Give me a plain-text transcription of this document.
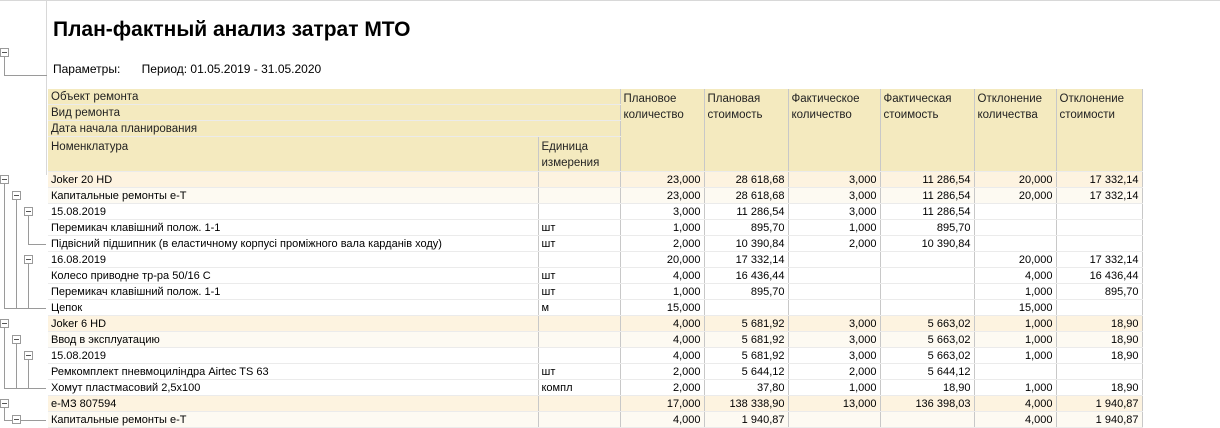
План-фактный анализ затрат МТО
Параметры: Период: 01.05.2019 - 31.05.2020
Объект ремонта		Плановое количество	Плановая стоимость	Фактическое количество	Фактическая стоимость	Отклонение количества	Отклонение стоимости
Вид ремонта							
Дата начала планирования							
Номенклатура	Единица измерения						
Joker 20 HD		23,000	28 618,68	3,000	11 286,54	20,000	17 332,14
Капитальные ремонты е-Т		23,000	28 618,68	3,000	11 286,54	20,000	17 332,14
15.08.2019		3,000	11 286,54	3,000	11 286,54		
Перемикач клавішний полож. 1-1	шт	1,000	895,70	1,000	895,70		
Підвісний підшипник (в еластичному корпусі проміжного вала карданів ходу)	шт	2,000	10 390,84	2,000	10 390,84		
16.08.2019		20,000	17 332,14			20,000	17 332,14
Колесо приводне тр-ра 50/16 С	шт	4,000	16 436,44			4,000	16 436,44
Перемикач клавішний полож. 1-1	шт	1,000	895,70			1,000	895,70
Цепок	м	15,000				15,000	
Joker 6 HD		4,000	5 681,92	3,000	5 663,02	1,000	18,90
Ввод в эксплуатацию		4,000	5 681,92	3,000	5 663,02	1,000	18,90
15.08.2019		4,000	5 681,92	3,000	5 663,02	1,000	18,90
Ремкомплект пневмоциліндра Airtec TS 63	шт	2,000	5 644,12	2,000	5 644,12		
Хомут пластмасовий 2,5х100	компл	2,000	37,80	1,000	18,90	1,000	18,90
е-МЗ 807594		17,000	138 338,90	13,000	136 398,03	4,000	1 940,87
Капитальные ремонты е-Т		4,000	1 940,87			4,000	1 940,87
